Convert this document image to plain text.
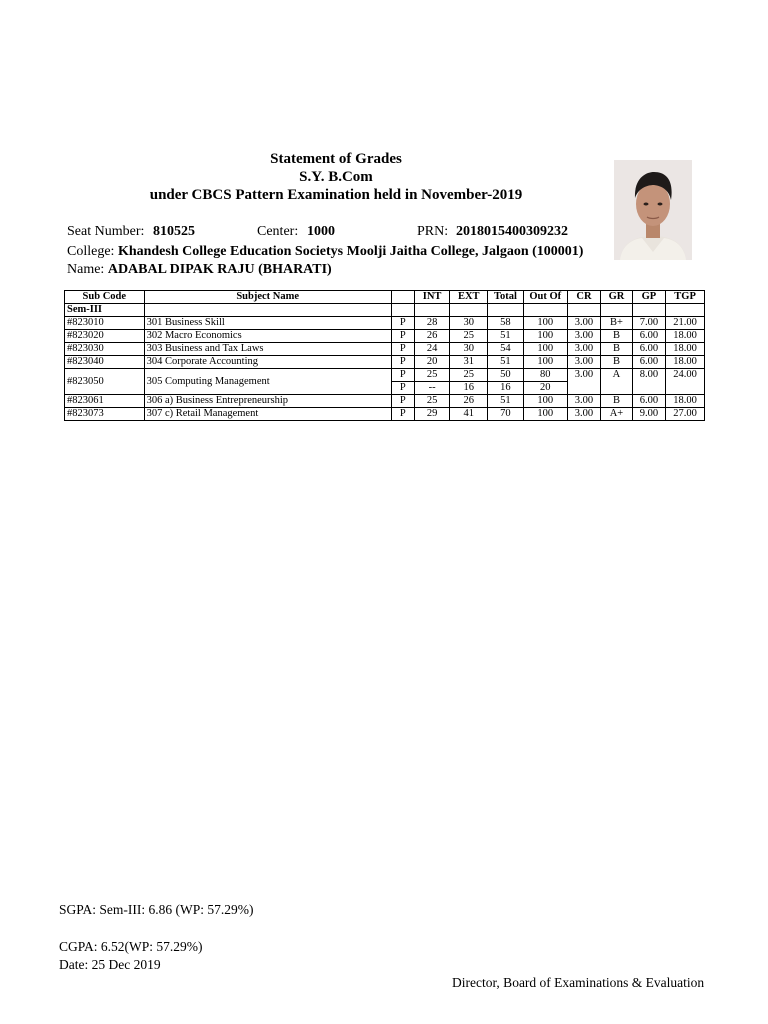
Statement of Grades
S.Y. B.Com
under CBCS Pattern Examination held in November-2019
Seat Number: 810525	Center: 1000	PRN: 2018015400309232
College: Khandesh College Education Societys Moolji Jaitha College, Jalgaon (100001)
Name: ADABAL DIPAK RAJU (BHARATI)
Sub Code	Subject Name		INT	EXT	Total	Out Of	CR	GR	GP	TGP
Sem-III										
#823010	301 Business Skill	P	28	30	58	100	3.00	B+	7.00	21.00
#823020	302 Macro Economics	P	26	25	51	100	3.00	B	6.00	18.00
#823030	303 Business and Tax Laws	P	24	30	54	100	3.00	B	6.00	18.00
#823040	304 Corporate Accounting	P	20	31	51	100	3.00	B	6.00	18.00
#823050	305 Computing Management	P	25	25	50	80	3.00	A	8.00	24.00
		P	--	16	16	20				
#823061	306 a) Business Entrepreneurship	P	25	26	51	100	3.00	B	6.00	18.00
#823073	307 c) Retail Management	P	29	41	70	100	3.00	A+	9.00	27.00
SGPA: Sem-III: 6.86 (WP: 57.29%)
CGPA: 6.52(WP: 57.29%)
Date: 25 Dec 2019
Director, Board of Examinations & Evaluation
